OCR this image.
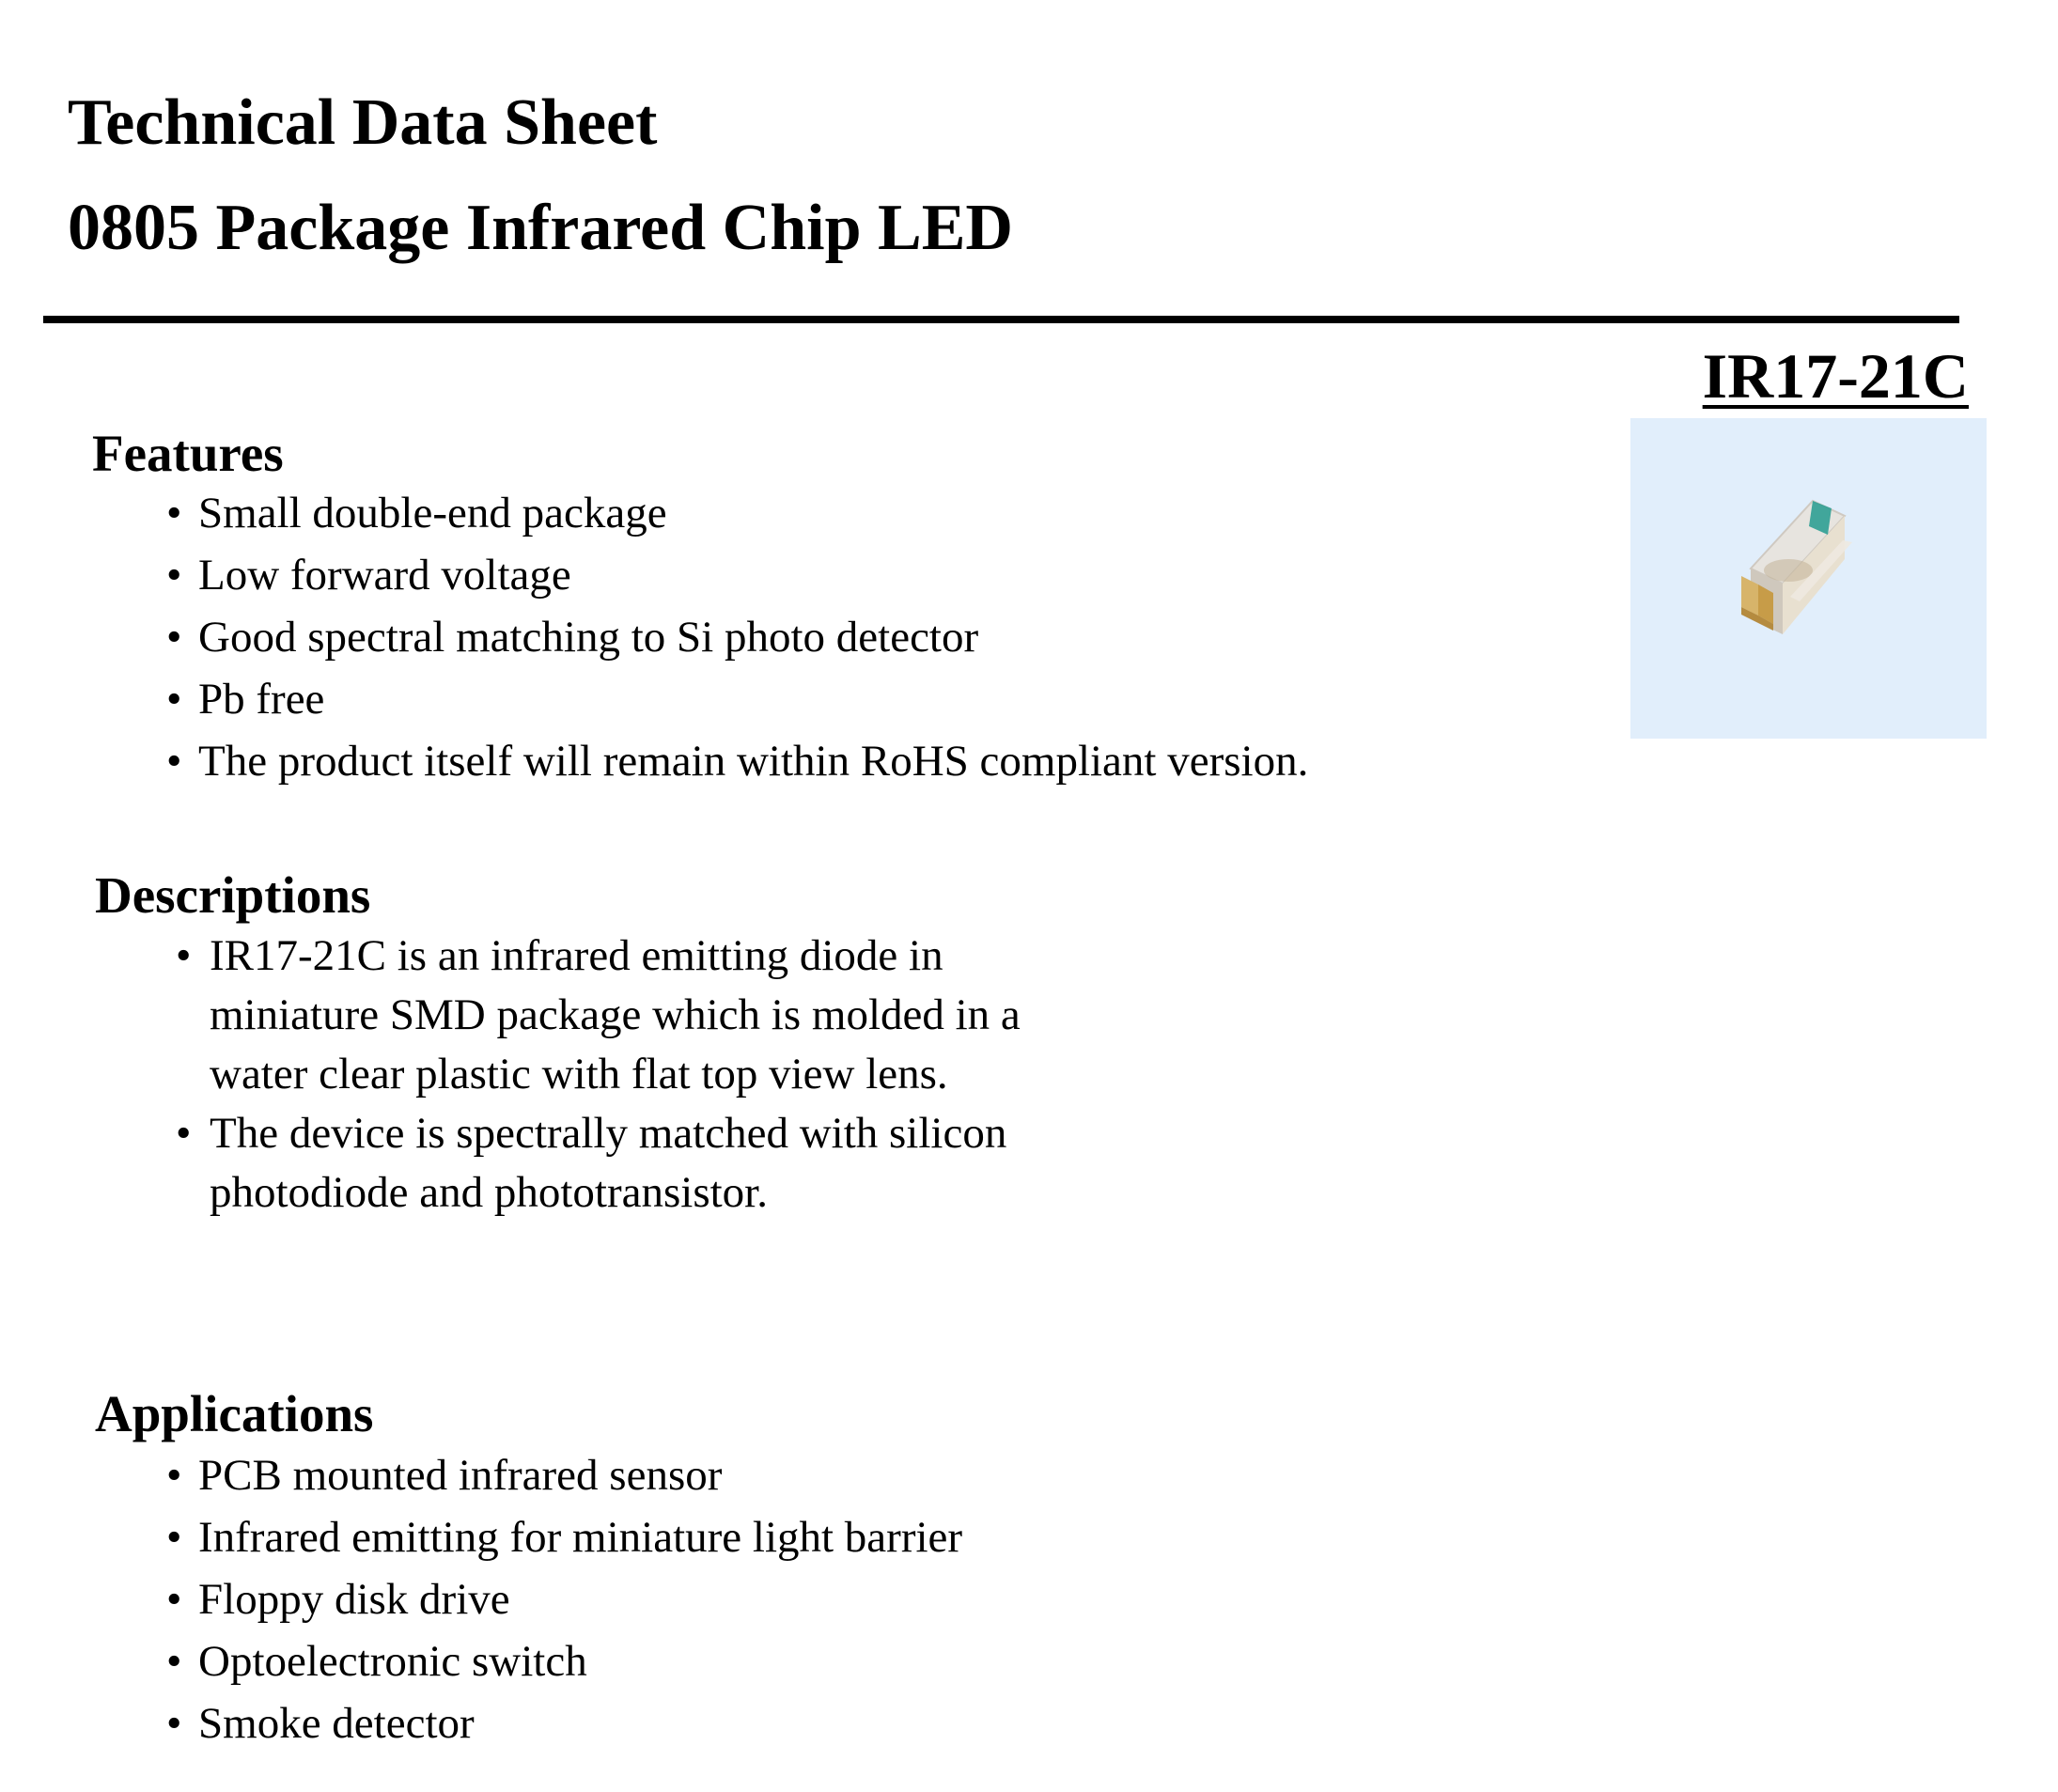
Technical Data Sheet
0805 Package Infrared Chip LED
IR17-21C
Features
• Small double-end package
• Low forward voltage
• Good spectral matching to Si photo detector
• Pb free
• The product itself will remain within RoHS compliant version.
Descriptions
• IR17-21C is an infrared emitting diode in
miniature SMD package which is molded in a
water clear plastic with flat top view lens.
• The device is spectrally matched with silicon
photodiode and phototransistor.
Applications
• PCB mounted infrared sensor
• Infrared emitting for miniature light barrier
• Floppy disk drive
• Optoelectronic switch
• Smoke detector
